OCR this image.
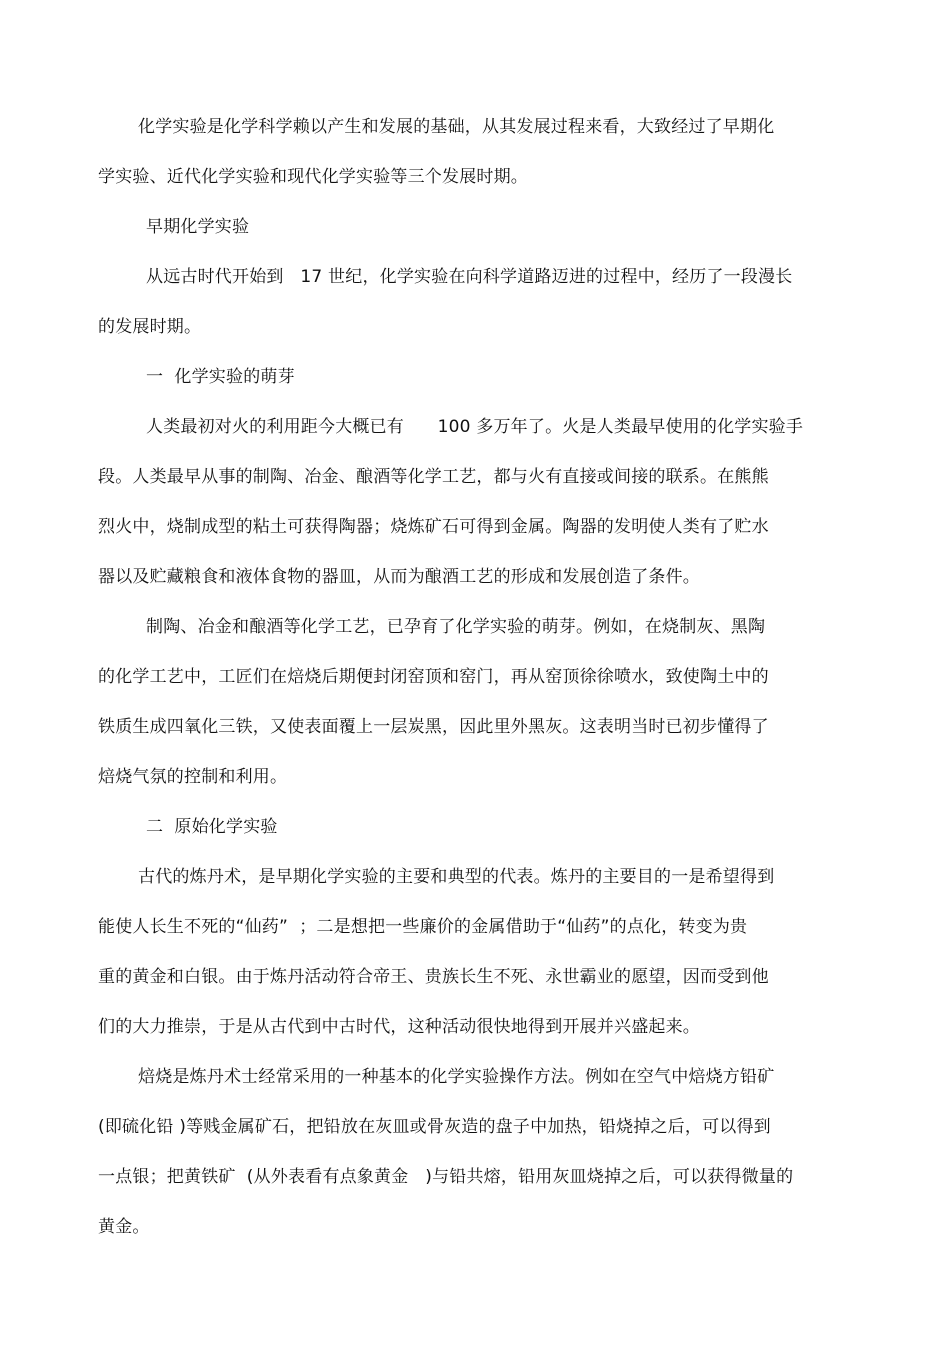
化学实验是化学科学赖以产生和发展的基础，从其发展过程来看，大致经过了早期化
学实验、近代化学实验和现代化学实验等三个发展时期。
早期化学实验
从远古时代开始到   17 世纪，化学实验在向科学道路迈进的过程中，经历了一段漫长
的发展时期。
一  化学实验的萌芽
人类最初对火的利用距今大概已有      100 多万年了。火是人类最早使用的化学实验手
段。人类最早从事的制陶、冶金、酿酒等化学工艺，都与火有直接或间接的联系。在熊熊
烈火中，烧制成型的粘土可获得陶器；烧炼矿石可得到金属。陶器的发明使人类有了贮水
器以及贮藏粮食和液体食物的器皿，从而为酿酒工艺的形成和发展创造了条件。
制陶、冶金和酿酒等化学工艺，已孕育了化学实验的萌芽。例如，在烧制灰、黑陶
的化学工艺中，工匠们在焙烧后期便封闭窑顶和窑门，再从窑顶徐徐喷水，致使陶土中的
铁质生成四氧化三铁，又使表面覆上一层炭黑，因此里外黑灰。这表明当时已初步懂得了
焙烧气氛的控制和利用。
二  原始化学实验
古代的炼丹术，是早期化学实验的主要和典型的代表。炼丹的主要目的一是希望得到
能使人长生不死的“仙药”  ；二是想把一些廉价的金属借助于“仙药”的点化，转变为贵
重的黄金和白银。由于炼丹活动符合帝王、贵族长生不死、永世霸业的愿望，因而受到他
们的大力推崇，于是从古代到中古时代，这种活动很快地得到开展并兴盛起来。
焙烧是炼丹术士经常采用的一种基本的化学实验操作方法。例如在空气中焙烧方铅矿
(即硫化铅 )等贱金属矿石，把铅放在灰皿或骨灰造的盘子中加热，铅烧掉之后，可以得到
一点银；把黄铁矿  (从外表看有点象黄金   )与铅共熔，铅用灰皿烧掉之后，可以获得微量的
黄金。
